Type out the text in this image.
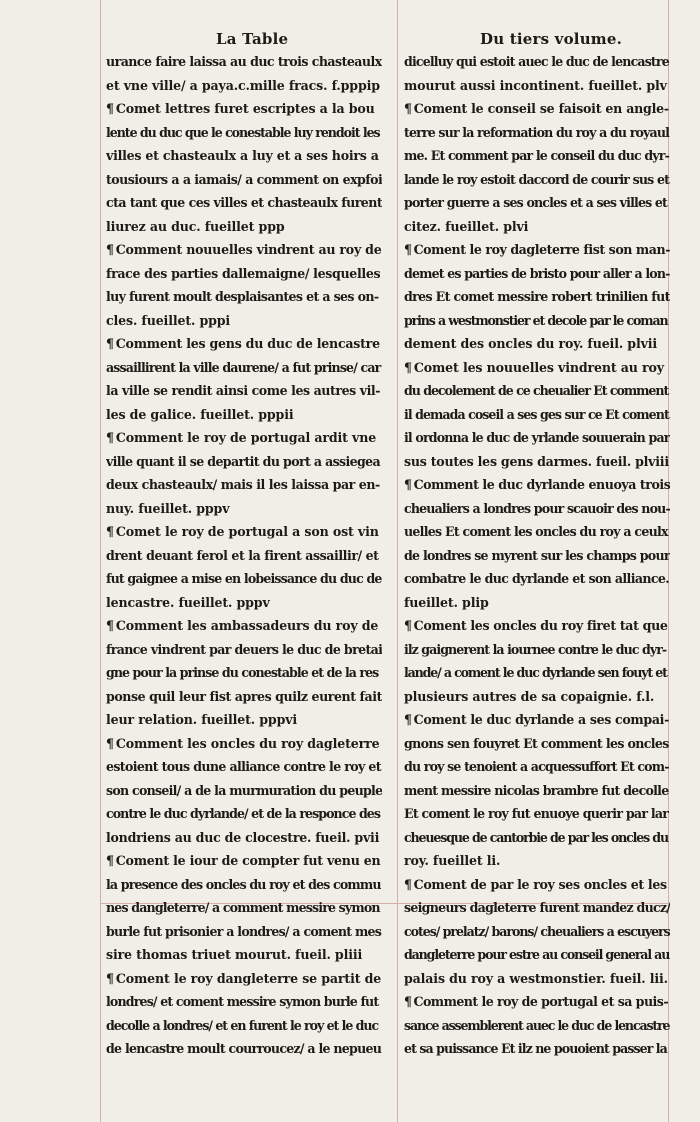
La Table	Du tiers volume.
urance faire laissa au duc trois chasteaulx
et vne ville/ a paya.c.mille fracs. f.pppip
¶ Comet lettres furet escriptes a la bou
lente du duc que le conestable luy rendoit les
villes et chasteaulx a luy et a ses hoirs a
tousiours a a iamais/ a comment on expfoi
cta tant que ces villes et chasteaulx furent
liurez au duc. fueillet ppp
¶ Comment nouuelles vindrent au roy de
frace des parties dallemaigne/ lesquelles
luy furent moult desplaisantes et a ses on-
cles. fueillet. pppi
¶ Comment les gens du duc de lencastre
assaillirent la ville daurene/ a fut prinse/ car
la ville se rendit ainsi come les autres vil-
les de galice. fueillet. pppii
¶ Comment le roy de portugal ardit vne
ville quant il se departit du port a assiegea
deux chasteaulx/ mais il les laissa par en-
nuy. fueillet. pppv
¶ Comet le roy de portugal a son ost vin
drent deuant ferol et la firent assaillir/ et
fut gaignee a mise en lobeissance du duc de
lencastre. fueillet. pppv
¶ Comment les ambassadeurs du roy de
france vindrent par deuers le duc de bretai
gne pour la prinse du conestable et de la res
ponse quil leur fist apres quilz eurent fait
leur relation. fueillet. pppvi
¶ Comment les oncles du roy dagleterre
estoient tous dune alliance contre le roy et
son conseil/ a de la murmuration du peuple
contre le duc dyrlande/ et de la responce des
londriens au duc de clocestre. fueil. pvii
¶ Coment le iour de compter fut venu en
la presence des oncles du roy et des commu
nes dangleterre/ a comment messire symon
burle fut prisonier a londres/ a coment mes
sire thomas triuet mourut. fueil. pliii
¶ Coment le roy dangleterre se partit de
londres/ et coment messire symon burle fut
decolle a londres/ et en furent le roy et le duc
de lencastre moult courroucez/ a le nepueu
dicelluy qui estoit auec le duc de lencastre
mourut aussi incontinent. fueillet. plv
¶ Coment le conseil se faisoit en angle-
terre sur la reformation du roy a du royaul
me. Et comment par le conseil du duc dyr-
lande le roy estoit daccord de courir sus et
porter guerre a ses oncles et a ses villes et
citez. fueillet. plvi
¶ Coment le roy dagleterre fist son man-
demet es parties de bristo pour aller a lon-
dres Et comet messire robert trinilien fut
prins a westmonstier et decole par le coman
dement des oncles du roy. fueil. plvii
¶ Comet les nouuelles vindrent au roy
du decolement de ce cheualier Et comment
il demada coseil a ses ges sur ce Et coment
il ordonna le duc de yrlande souuerain par
sus toutes les gens darmes. fueil. plviii
¶ Comment le duc dyrlande enuoya trois
cheualiers a londres pour scauoir des nou-
uelles Et coment les oncles du roy a ceulx
de londres se myrent sur les champs pour
combatre le duc dyrlande et son alliance.
fueillet. plip
¶ Coment les oncles du roy firet tat que
ilz gaignerent la iournee contre le duc dyr-
lande/ a coment le duc dyrlande sen fouyt et
plusieurs autres de sa copaignie. f.l.
¶ Coment le duc dyrlande a ses compai-
gnons sen fouyret Et comment les oncles
du roy se tenoient a acquessuffort Et com-
ment messire nicolas brambre fut decolle
Et coment le roy fut enuoye querir par lar
cheuesque de cantorbie de par les oncles du
roy. fueillet li.
¶ Coment de par le roy ses oncles et les
seigneurs dagleterre furent mandez ducz/
cotes/ prelatz/ barons/ cheualiers a escuyers
dangleterre pour estre au conseil general au
palais du roy a westmonstier. fueil. lii.
¶ Comment le roy de portugal et sa puis-
sance assemblerent auec le duc de lencastre
et sa puissance Et ilz ne pouoient passer la
